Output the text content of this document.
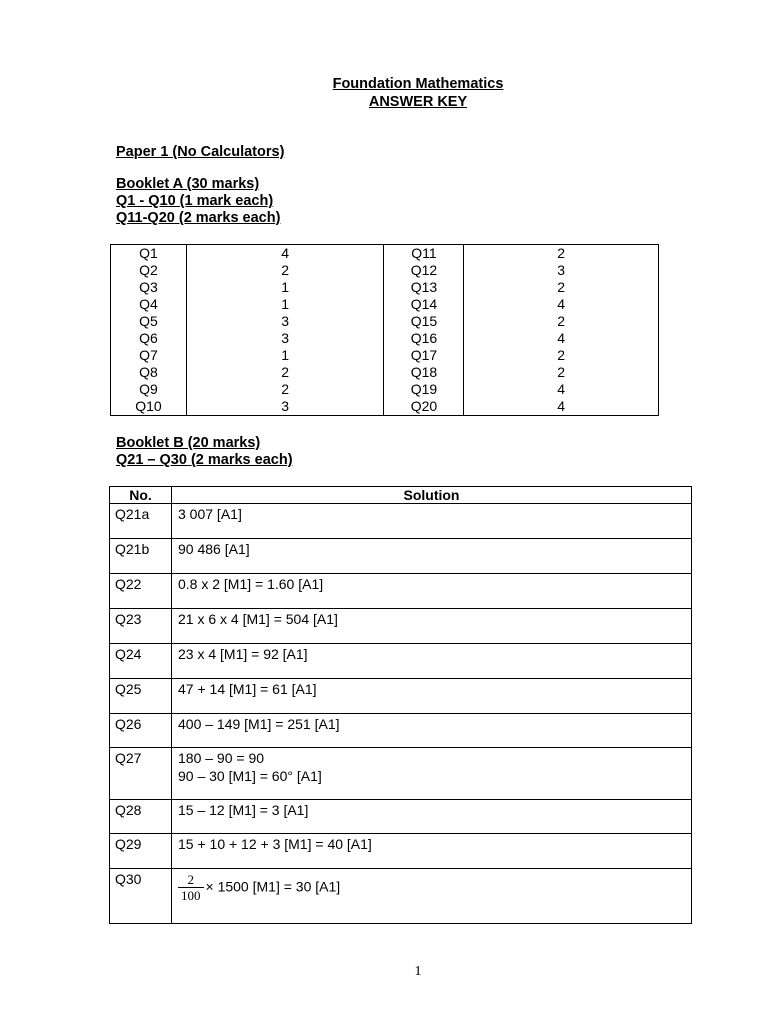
Foundation Mathematics
ANSWER KEY
Paper 1 (No Calculators)
Booklet A (30 marks)
Q1 - Q10 (1 mark each)
Q11-Q20 (2 marks each)
Q1	4	Q11	2
Q2	2	Q12	3
Q3	1	Q13	2
Q4	1	Q14	4
Q5	3	Q15	2
Q6	3	Q16	4
Q7	1	Q17	2
Q8	2	Q18	2
Q9	2	Q19	4
Q10	3	Q20	4
Booklet B (20 marks)
Q21 – Q30 (2 marks each)
No.	Solution
Q21a	3 007 [A1]
Q21b	90 486 [A1]
Q22	0.8 x 2 [M1] = 1.60 [A1]
Q23	21 x 6 x 4 [M1] = 504 [A1]
Q24	23 x 4 [M1] = 92 [A1]
Q25	47 + 14 [M1] = 61 [A1]
Q26	400 – 149 [M1] = 251 [A1]
Q27	180 – 90 = 90
90 – 30 [M1] = 60° [A1]
Q28	15 – 12 [M1] = 3 [A1]
Q29	15 + 10 + 12 + 3 [M1] = 40 [A1]
Q30	$\frac{2}{100} \times 1500$ [M1] = 30 [A1]
1
